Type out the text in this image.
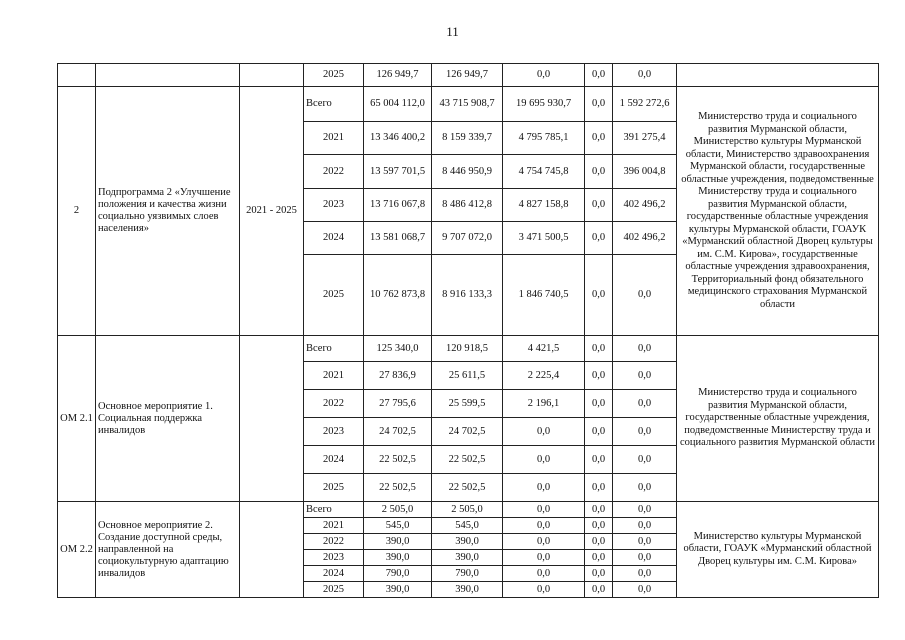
11
			2025	126 949,7	126 949,7	0,0	0,0	0,0	
2	Подпрограмма 2 «Улучшение положения и качества жизни социально уязвимых слоев населения»	2021 - 2025	Всего	65 004 112,0	43 715 908,7	19 695 930,7	0,0	1 592 272,6	Министерство труда и социального развития Мурманской области, Министерство культуры Мурманской области, Министерство здравоохранения Мурманской области, государственные областные учреждения, подведомственные Министерству труда и социального развития Мурманской области, государственные областные учреждения культуры Мурманской области, ГОАУК «Мурманский областной Дворец культуры им. С.М. Кирова», государственные областные учреждения здравоохранения, Территориальный фонд обязательного медицинского страхования Мурманской области
			2021	13 346 400,2	8 159 339,7	4 795 785,1	0,0	391 275,4	
			2022	13 597 701,5	8 446 950,9	4 754 745,8	0,0	396 004,8	
			2023	13 716 067,8	8 486 412,8	4 827 158,8	0,0	402 496,2	
			2024	13 581 068,7	9 707 072,0	3 471 500,5	0,0	402 496,2	
			2025	10 762 873,8	8 916 133,3	1 846 740,5	0,0	0,0	
ОМ 2.1	Основное мероприятие 1. Социальная поддержка инвалидов		Всего	125 340,0	120 918,5	4 421,5	0,0	0,0	Министерство труда и социального развития Мурманской области, государственные областные учреждения, подведомственные Министерству труда и социального развития Мурманской области
			2021	27 836,9	25 611,5	2 225,4	0,0	0,0	
			2022	27 795,6	25 599,5	2 196,1	0,0	0,0	
			2023	24 702,5	24 702,5	0,0	0,0	0,0	
			2024	22 502,5	22 502,5	0,0	0,0	0,0	
			2025	22 502,5	22 502,5	0,0	0,0	0,0	
ОМ 2.2	Основное мероприятие 2. Создание доступной среды, направленной на социокультурную адаптацию инвалидов		Всего	2 505,0	2 505,0	0,0	0,0	0,0	Министерство культуры Мурманской области, ГОАУК «Мурманский областной Дворец культуры им. С.М. Кирова»
			2021	545,0	545,0	0,0	0,0	0,0	
			2022	390,0	390,0	0,0	0,0	0,0	
			2023	390,0	390,0	0,0	0,0	0,0	
			2024	790,0	790,0	0,0	0,0	0,0	
			2025	390,0	390,0	0,0	0,0	0,0	
